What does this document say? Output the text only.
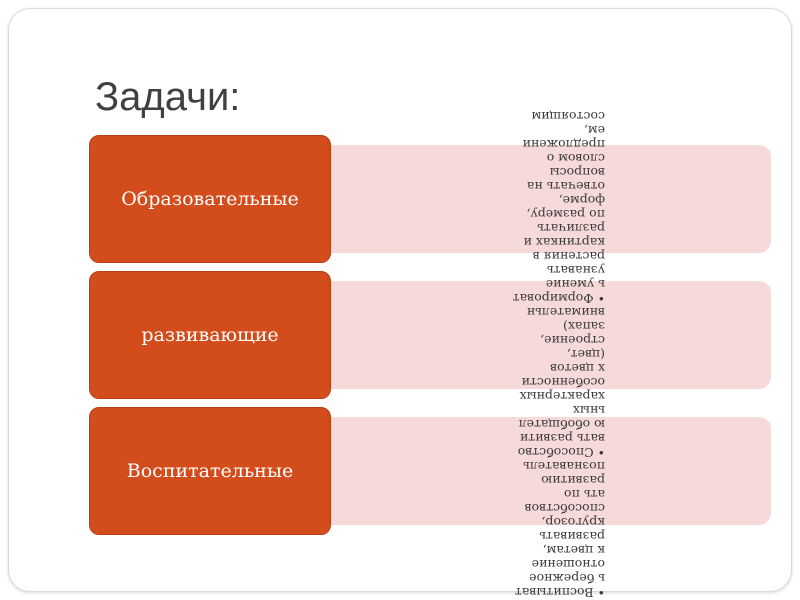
Задачи:
Образовательные
развивающие
Воспитательные
• Воспитыват
ь бережное
отношение
к цветам,
развивать
кругозор,
способствов
ать по
развитию
познаватель
• Способство
вать развити
ю обобщател
ьных
характерных
особенности
х цветов
(цвет,
строение,
запах)
внимательн
• Формироват
ь умение
узнавать
растения в
картинках и
различать
по размеру,
форме,
отвечать на
вопросы
словом о
предложени
ем,
состоящим
